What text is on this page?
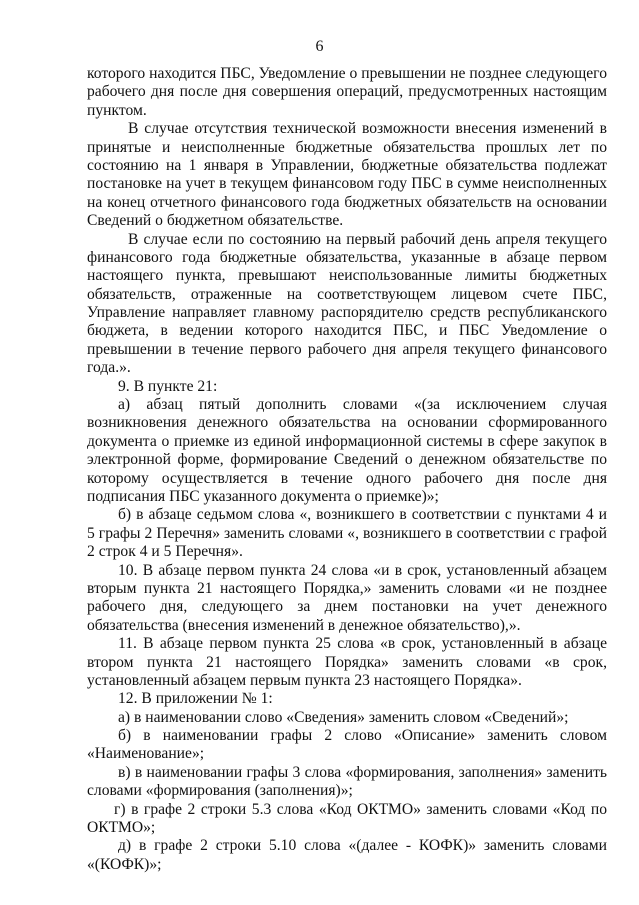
6
которого находится ПБС, Уведомление о превышении не позднее следующего
рабочего дня после дня совершения операций, предусмотренных настоящим
пунктом.
В случае отсутствия технической возможности внесения изменений в
принятые и неисполненные бюджетные обязательства прошлых лет по
состоянию на 1 января в Управлении, бюджетные обязательства подлежат
постановке на учет в текущем финансовом году ПБС в сумме неисполненных
на конец отчетного финансового года бюджетных обязательств на основании
Сведений о бюджетном обязательстве.
В случае если по состоянию на первый рабочий день апреля текущего
финансового года бюджетные обязательства, указанные в абзаце первом
настоящего пункта, превышают неиспользованные лимиты бюджетных
обязательств, отраженные на соответствующем лицевом счете ПБС,
Управление направляет главному распорядителю средств республиканского
бюджета, в ведении которого находится ПБС, и ПБС Уведомление о
превышении в течение первого рабочего дня апреля текущего финансового
года.».
9. В пункте 21:
а) абзац пятый дополнить словами «(за исключением случая
возникновения денежного обязательства на основании сформированного
документа о приемке из единой информационной системы в сфере закупок в
электронной форме, формирование Сведений о денежном обязательстве по
которому осуществляется в течение одного рабочего дня после дня
подписания ПБС указанного документа о приемке)»;
б) в абзаце седьмом слова «, возникшего в соответствии с пунктами 4 и
5 графы 2 Перечня» заменить словами «, возникшего в соответствии с графой
2 строк 4 и 5 Перечня».
10. В абзаце первом пункта 24 слова «и в срок, установленный абзацем
вторым пункта 21 настоящего Порядка,» заменить словами «и не позднее
рабочего дня, следующего за днем постановки на учет денежного
обязательства (внесения изменений в денежное обязательство),».
11. В абзаце первом пункта 25 слова «в срок, установленный в абзаце
втором пункта 21 настоящего Порядка» заменить словами «в срок,
установленный абзацем первым пункта 23 настоящего Порядка».
12. В приложении № 1:
а) в наименовании слово «Сведения» заменить словом «Сведений»;
б) в наименовании графы 2 слово «Описание» заменить словом
«Наименование»;
в) в наименовании графы 3 слова «формирования, заполнения» заменить
словами «формирования (заполнения)»;
г) в графе 2 строки 5.3 слова «Код ОКТМО» заменить словами «Код по
ОКТМО»;
д) в графе 2 строки 5.10 слова «(далее - КОФК)» заменить словами
«(КОФК)»;
